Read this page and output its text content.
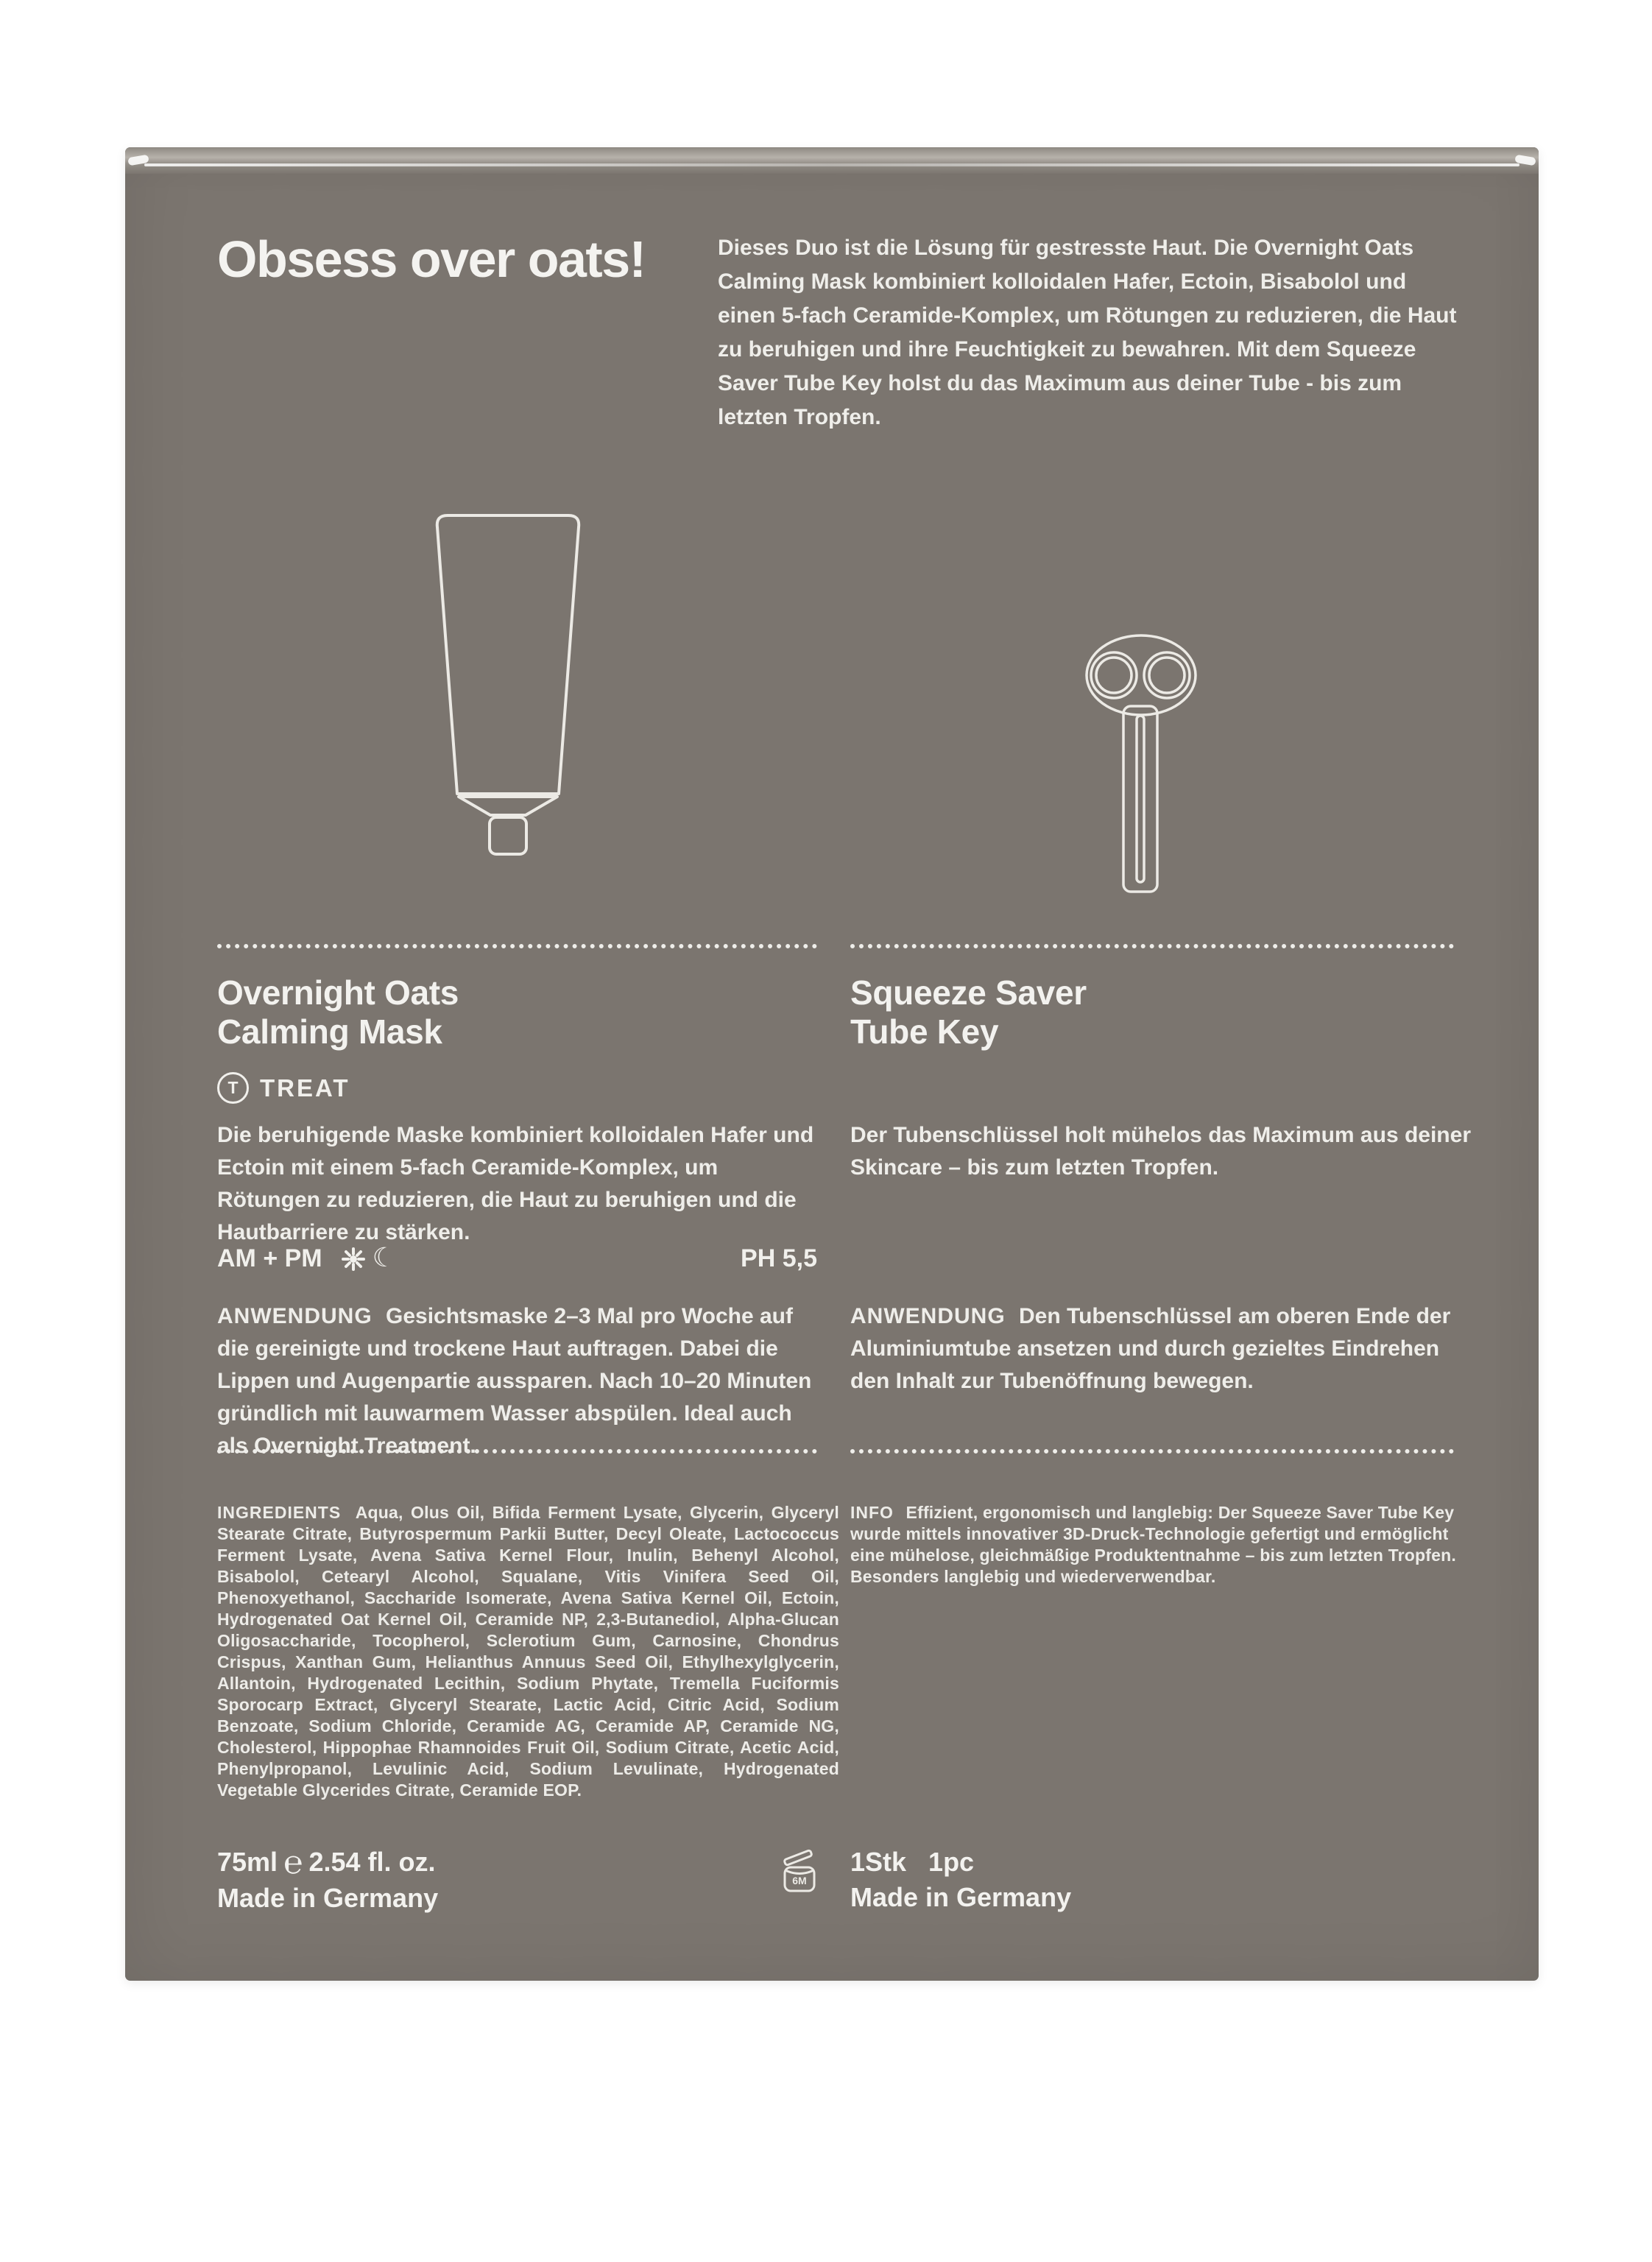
Obsess over oats!	Dieses Duo ist die Lösung für gestresste Haut. Die Overnight Oats Calming Mask kombiniert kolloidalen Hafer, Ectoin, Bisabolol und einen 5-fach Ceramide-Komplex, um Rötungen zu reduzieren, die Haut zu beruhigen und ihre Feuchtigkeit zu bewahren. Mit dem Squeeze Saver Tube Key holst du das Maximum aus deiner Tube - bis zum letzten Tropfen.
Overnight Oats
Calming Mask
T TREAT
Die beruhigende Maske kombiniert kolloidalen Hafer und Ectoin mit einem 5-fach Ceramide-Komplex, um Rötungen zu reduzieren, die Haut zu beruhigen und die Hautbarriere zu stärken.
AM + PM ☾	PH 5,5
ANWENDUNG Gesichtsmaske 2–3 Mal pro Woche auf die gereinigte und trockene Haut auftragen. Dabei die Lippen und Augenpartie aussparen. Nach 10–20 Minuten gründlich mit lauwarmem Wasser abspülen. Ideal auch als Overnight Treatment.
INGREDIENTS Aqua, Olus Oil, Bifida Ferment Lysate, Glycerin, Glyceryl Stearate Citrate, Butyrospermum Parkii Butter, Decyl Oleate, Lactococcus Ferment Lysate, Avena Sativa Kernel Flour, Inulin, Behenyl Alcohol, Bisabolol, Cetearyl Alcohol, Squalane, Vitis Vinifera Seed Oil, Phenoxyethanol, Saccharide Isomerate, Avena Sativa Kernel Oil, Ectoin, Hydrogenated Oat Kernel Oil, Ceramide NP, 2,3-Butanediol, Alpha-Glucan Oligosaccharide, Tocopherol, Sclerotium Gum, Carnosine, Chondrus Crispus, Xanthan Gum, Helianthus Annuus Seed Oil, Ethylhexylglycerin, Allantoin, Hydrogenated Lecithin, Sodium Phytate, Tremella Fuciformis Sporocarp Extract, Glyceryl Stearate, Lactic Acid, Citric Acid, Sodium Benzoate, Sodium Chloride, Ceramide AG, Ceramide AP, Ceramide NG, Cholesterol, Hippophae Rhamnoides Fruit Oil, Sodium Citrate, Acetic Acid, Phenylpropanol, Levulinic Acid, Sodium Levulinate, Hydrogenated Vegetable Glycerides Citrate, Ceramide EOP.
75ml ℮ 2.54 fl. oz.
Made in Germany
Squeeze Saver
Tube Key
Der Tubenschlüssel holt mühelos das Maximum aus deiner Skincare – bis zum letzten Tropfen.
ANWENDUNG Den Tubenschlüssel am oberen Ende der Aluminiumtube ansetzen und durch gezieltes Eindrehen den Inhalt zur Tubenöffnung bewegen.
INFO Effizient, ergonomisch und langlebig: Der Squeeze Saver Tube Key wurde mittels innovativer 3D-Druck-Technologie gefertigt und ermöglicht eine mühelose, gleichmäßige Produktentnahme – bis zum letzten Tropfen. Besonders langlebig und wiederverwendbar.
6M
1Stk 1pc
Made in Germany
